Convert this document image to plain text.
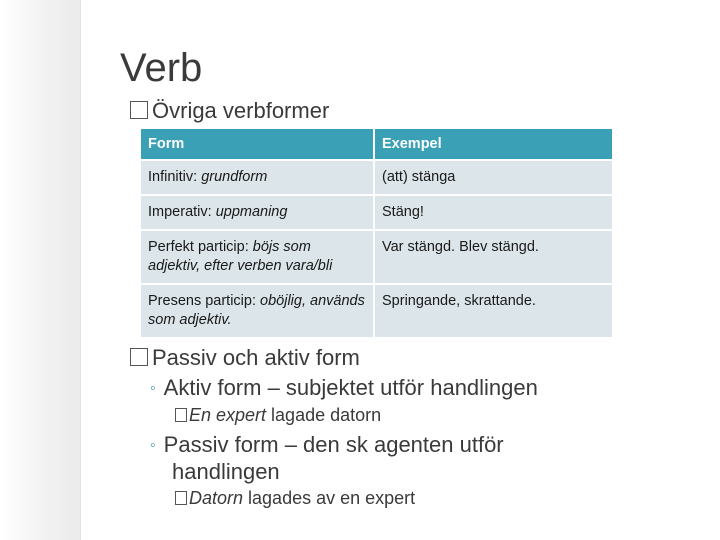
Verb
Övriga verbformer
Form	Exempel
Infinitiv: grundform	(att) stänga
Imperativ: uppmaning	Stäng!
Perfekt particip: böjs som adjektiv, efter verben vara/bli	Var stängd. Blev stängd.
Presens particip: oböjlig, används som adjektiv.	Springande, skrattande.
Passiv och aktiv form
◦ Aktiv form – subjektet utför handlingen
En expert lagade datorn
◦ Passiv form – den sk agenten utför
handlingen
Datorn lagades av en expert
